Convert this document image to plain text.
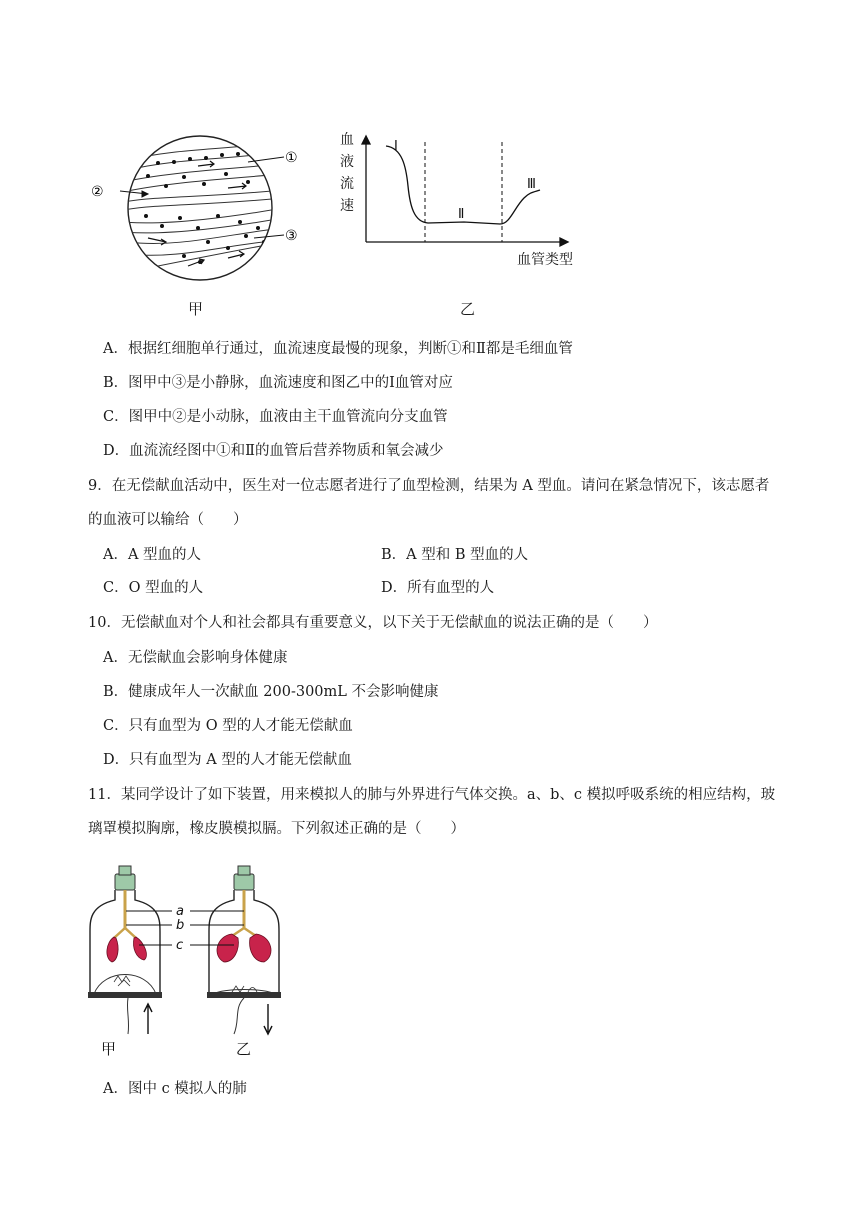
①
②
③
甲
血
液
流
速
Ⅰ
Ⅱ
Ⅲ
血管类型
乙
A．根据红细胞单行通过，血流速度最慢的现象，判断①和Ⅱ都是毛细血管
B．图甲中③是小静脉，血流速度和图乙中的Ⅰ血管对应
C．图甲中②是小动脉，血液由主干血管流向分支血管
D．血流流经图中①和Ⅱ的血管后营养物质和氧会减少
9．在无偿献血活动中，医生对一位志愿者进行了血型检测，结果为 A 型血。请问在紧急情况下，该志愿者
的血液可以输给（　　）
A．A 型血的人	B．A 型和 B 型血的人
C．O 型血的人	D．所有血型的人
10．无偿献血对个人和社会都具有重要意义，以下关于无偿献血的说法正确的是（　　）
A．无偿献血会影响身体健康
B．健康成年人一次献血 200-300mL 不会影响健康
C．只有血型为 O 型的人才能无偿献血
D．只有血型为 A 型的人才能无偿献血
11．某同学设计了如下装置，用来模拟人的肺与外界进行气体交换。a、b、c 模拟呼吸系统的相应结构，玻
璃罩模拟胸廓，橡皮膜模拟膈。下列叙述正确的是（　　）
a
b
c
甲	乙
A．图中 c 模拟人的肺
